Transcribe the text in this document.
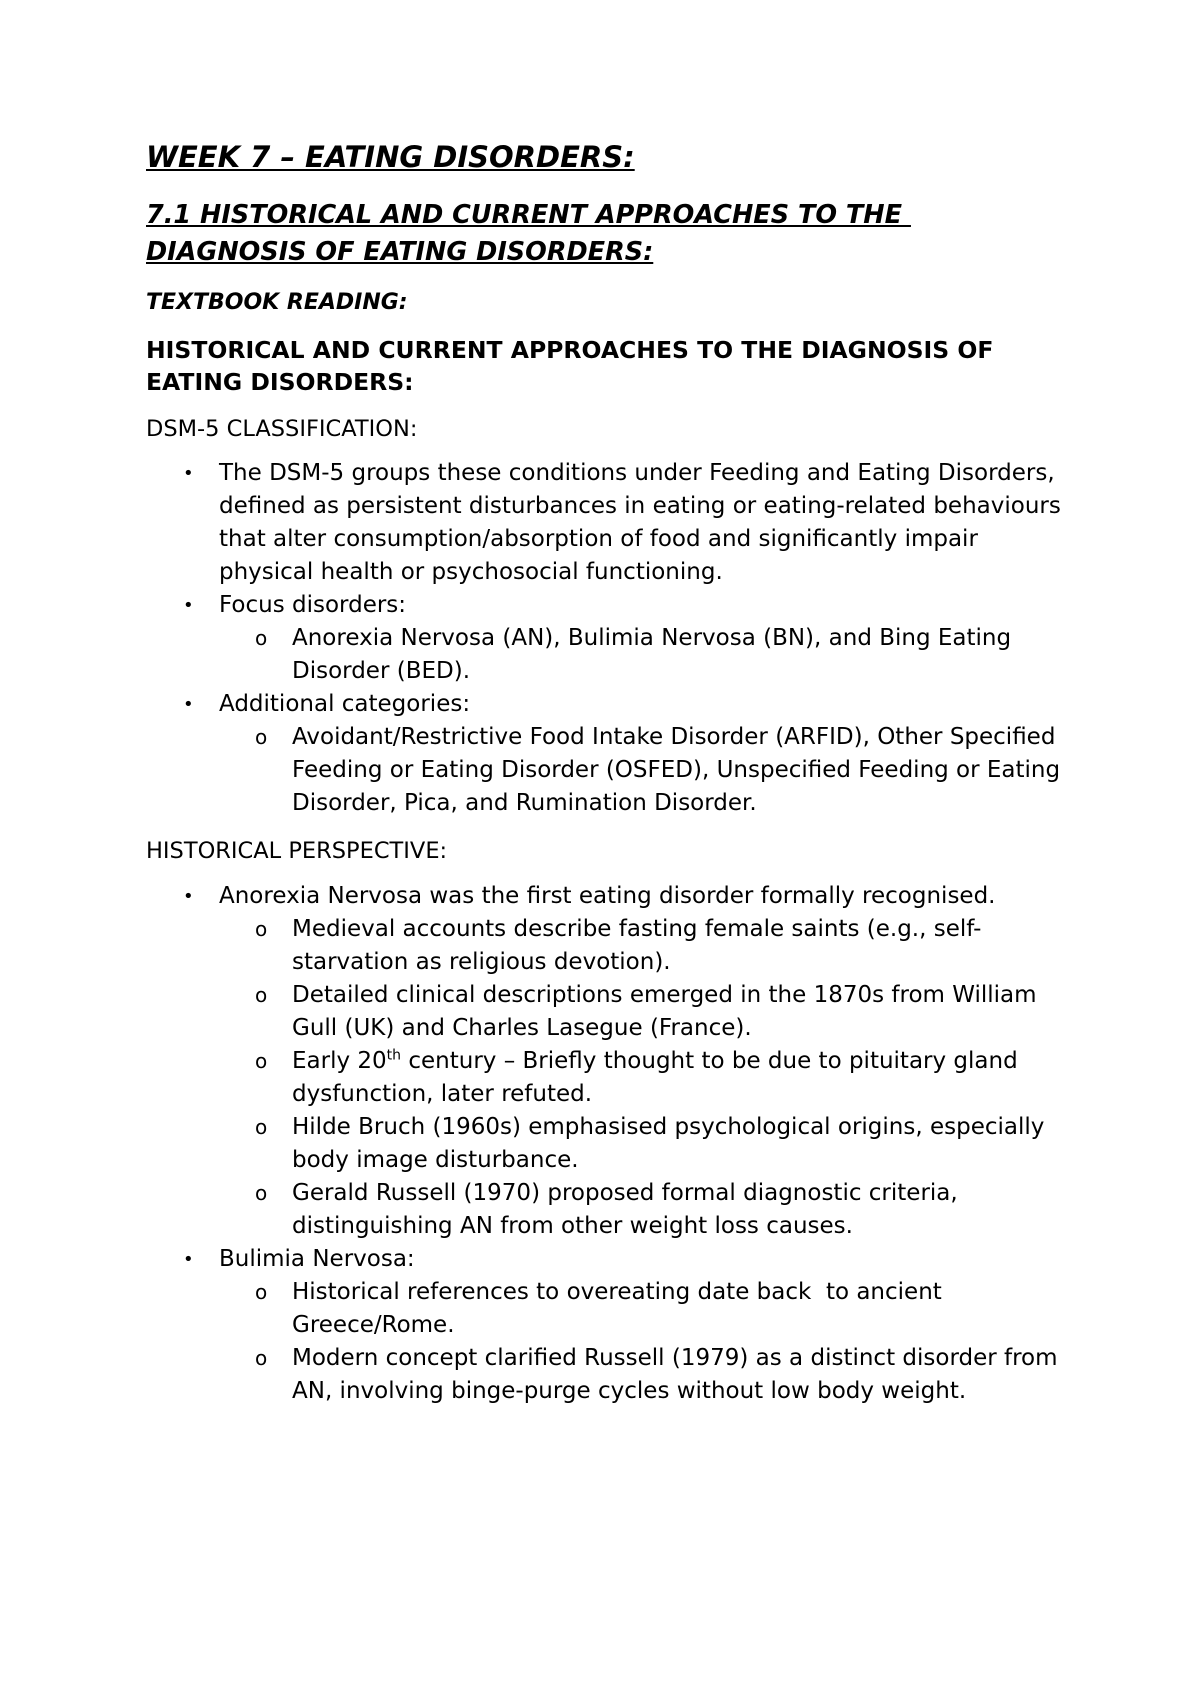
WEEK 7 – EATING DISORDERS:
7.1 HISTORICAL AND CURRENT APPROACHES TO THE
DIAGNOSIS OF EATING DISORDERS:
TEXTBOOK READING:
HISTORICAL AND CURRENT APPROACHES TO THE DIAGNOSIS OF EATING DISORDERS:
DSM-5 CLASSIFICATION:
• The DSM-5 groups these conditions under Feeding and Eating Disorders, defined as persistent disturbances in eating or eating-related behaviours that alter consumption/absorption of food and significantly impair physical health or psychosocial functioning.
• Focus disorders:
o Anorexia Nervosa (AN), Bulimia Nervosa (BN), and Bing Eating Disorder (BED).
• Additional categories:
o Avoidant/Restrictive Food Intake Disorder (ARFID), Other Specified Feeding or Eating Disorder (OSFED), Unspecified Feeding or Eating Disorder, Pica, and Rumination Disorder.
HISTORICAL PERSPECTIVE:
• Anorexia Nervosa was the first eating disorder formally recognised.
o Medieval accounts describe fasting female saints (e.g., self-starvation as religious devotion).
o Detailed clinical descriptions emerged in the 1870s from William Gull (UK) and Charles Lasegue (France).
o Early 20th century – Briefly thought to be due to pituitary gland dysfunction, later refuted.
o Hilde Bruch (1960s) emphasised psychological origins, especially body image disturbance.
o Gerald Russell (1970) proposed formal diagnostic criteria, distinguishing AN from other weight loss causes.
• Bulimia Nervosa:
o Historical references to overeating date back  to ancient Greece/Rome.
o Modern concept clarified Russell (1979) as a distinct disorder from AN, involving binge-purge cycles without low body weight.
